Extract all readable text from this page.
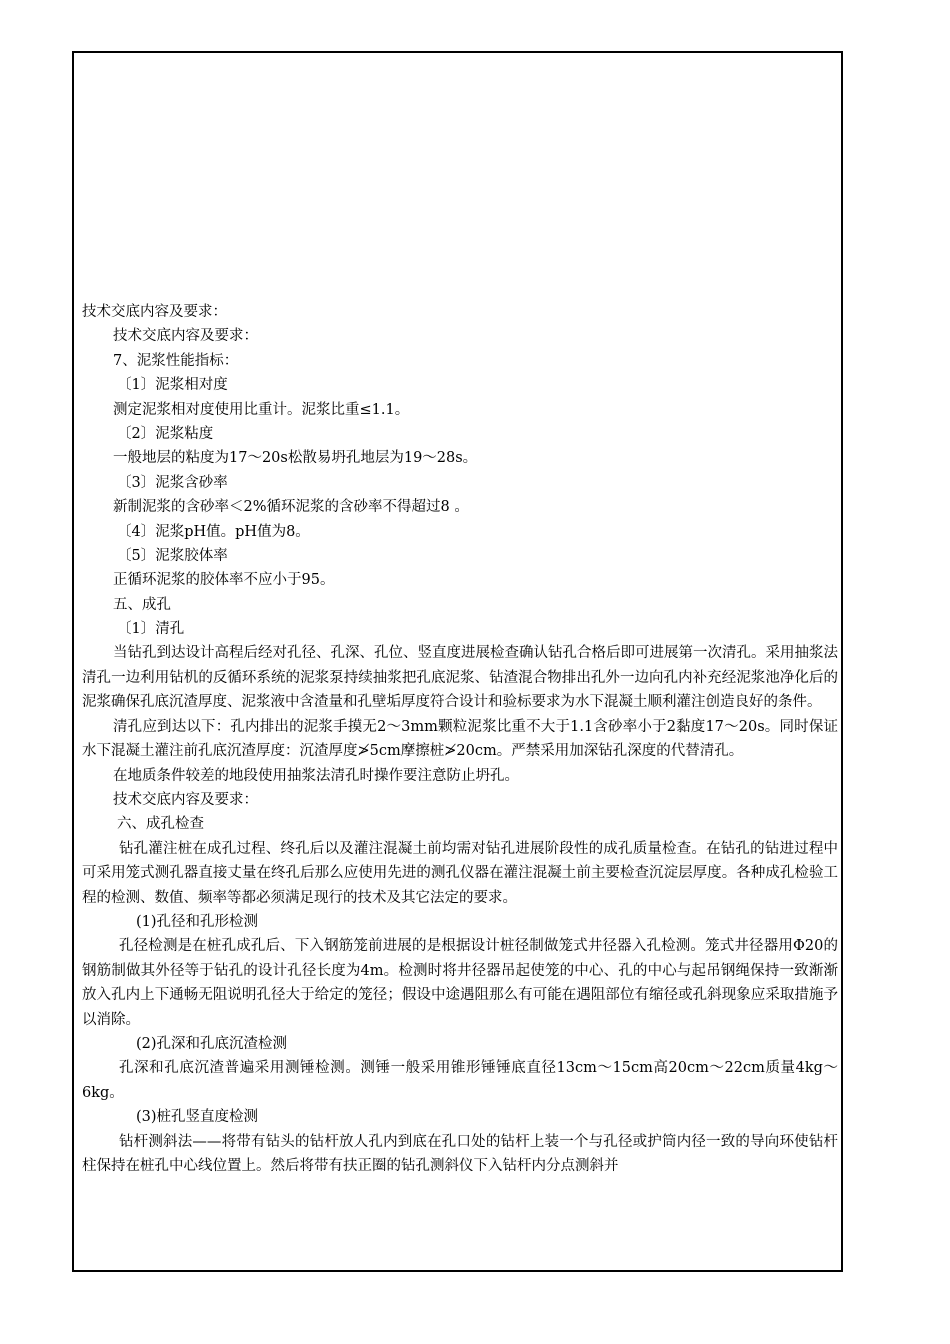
技术交底内容及要求：
技术交底内容及要求：
7、泥浆性能指标：
〔1〕泥浆相对度
测定泥浆相对度使用比重计。泥浆比重≤1.1。
〔2〕泥浆粘度
一般地层的粘度为17～20s松散易坍孔地层为19～28s。
〔3〕泥浆含砂率
新制泥浆的含砂率＜2%循环泥浆的含砂率不得超过8 。
〔4〕泥浆pH值。pH值为8。
〔5〕泥浆胶体率
正循环泥浆的胶体率不应小于95。
五、成孔
〔1〕清孔

当钻孔到达设计高程后经对孔径、孔深、孔位、竖直度进展检查确认钻孔合格后即可进展第一次清孔。采用抽浆法清孔一边利用钻机的反循环系统的泥浆泵持续抽浆把孔底泥浆、钻渣混合物排出孔外一边向孔内补充经泥浆池净化后的泥浆确保孔底沉渣厚度、泥浆液中含渣量和孔壁垢厚度符合设计和验标要求为水下混凝土顺利灌注创造良好的条件。

清孔应到达以下：孔内排出的泥浆手摸无2～3mm颗粒泥浆比重不大于1.1含砂率小于2黏度17～20s。同时保证水下混凝土灌注前孔底沉渣厚度：沉渣厚度≯5cm摩擦桩≯20cm。严禁采用加深钻孔深度的代替清孔。

在地质条件较差的地段使用抽浆法清孔时操作要注意防止坍孔。

技术交底内容及要求：
六、成孔检查

钻孔灌注桩在成孔过程、终孔后以及灌注混凝土前均需对钻孔进展阶段性的成孔质量检查。在钻孔的钻进过程中可采用笼式测孔器直接丈量在终孔后那么应使用先进的测孔仪器在灌注混凝土前主要检查沉淀层厚度。各种成孔检验工程的检测、数值、频率等都必须满足现行的技术及其它法定的要求。

(1)孔径和孔形检测

孔径检测是在桩孔成孔后、下入钢筋笼前进展的是根据设计桩径制做笼式井径器入孔检测。笼式井径器用Φ20的钢筋制做其外径等于钻孔的设计孔径长度为4m。检测时将井径器吊起使笼的中心、孔的中心与起吊钢绳保持一致渐渐放入孔内上下通畅无阻说明孔径大于给定的笼径；假设中途遇阻那么有可能在遇阻部位有缩径或孔斜现象应采取措施予以消除。

(2)孔深和孔底沉渣检测

孔深和孔底沉渣普遍采用测锤检测。测锤一般采用锥形锤锤底直径13cm～15cm高20cm～22cm质量4kg～6kg。

(3)桩孔竖直度检测

钻杆测斜法——将带有钻头的钻杆放人孔内到底在孔口处的钻杆上装一个与孔径或护筒内径一致的导向环使钻杆柱保持在桩孔中心线位置上。然后将带有扶正圈的钻孔测斜仪下入钻杆内分点测斜并
